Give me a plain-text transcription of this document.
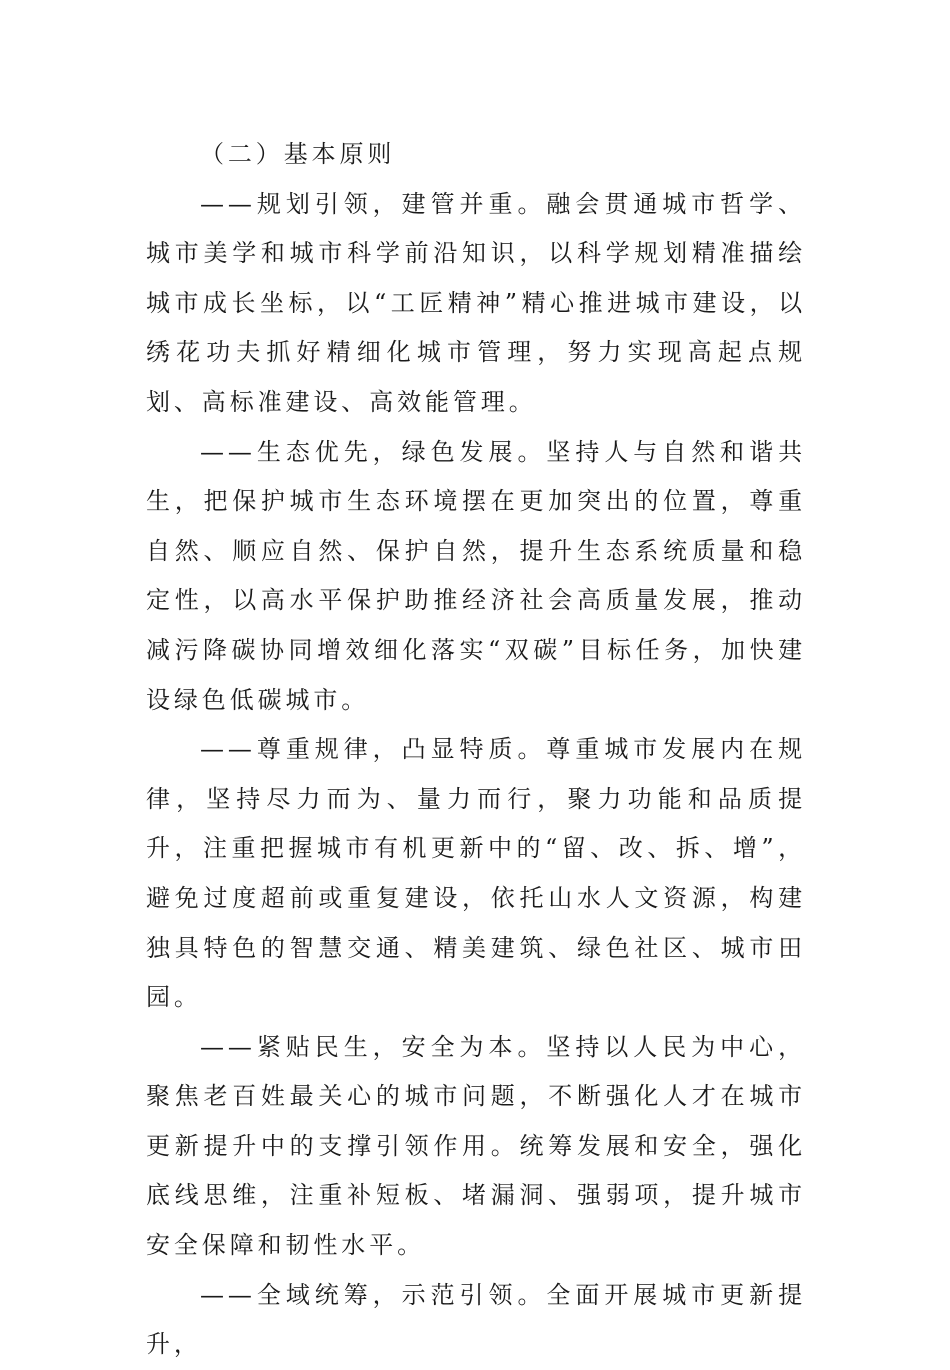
（二）基本原则

——规划引领，建管并重。融会贯通城市哲学、城市美学和城市科学前沿知识，以科学规划精准描绘城市成长坐标，以“工匠精神”精心推进城市建设，以绣花功夫抓好精细化城市管理，努力实现高起点规划、高标准建设、高效能管理。

——生态优先，绿色发展。坚持人与自然和谐共生，把保护城市生态环境摆在更加突出的位置，尊重自然、顺应自然、保护自然，提升生态系统质量和稳定性，以高水平保护助推经济社会高质量发展，推动减污降碳协同增效细化落实“双碳”目标任务，加快建设绿色低碳城市。

——尊重规律，凸显特质。尊重城市发展内在规律，坚持尽力而为、量力而行，聚力功能和品质提升，注重把握城市有机更新中的“留、改、拆、增”，避免过度超前或重复建设，依托山水人文资源，构建独具特色的智慧交通、精美建筑、绿色社区、城市田园。

——紧贴民生，安全为本。坚持以人民为中心，聚焦老百姓最关心的城市问题，不断强化人才在城市更新提升中的支撑引领作用。统筹发展和安全，强化底线思维，注重补短板、堵漏洞、强弱项，提升城市安全保障和韧性水平。

——全域统筹，示范引领。全面开展城市更新提升，
